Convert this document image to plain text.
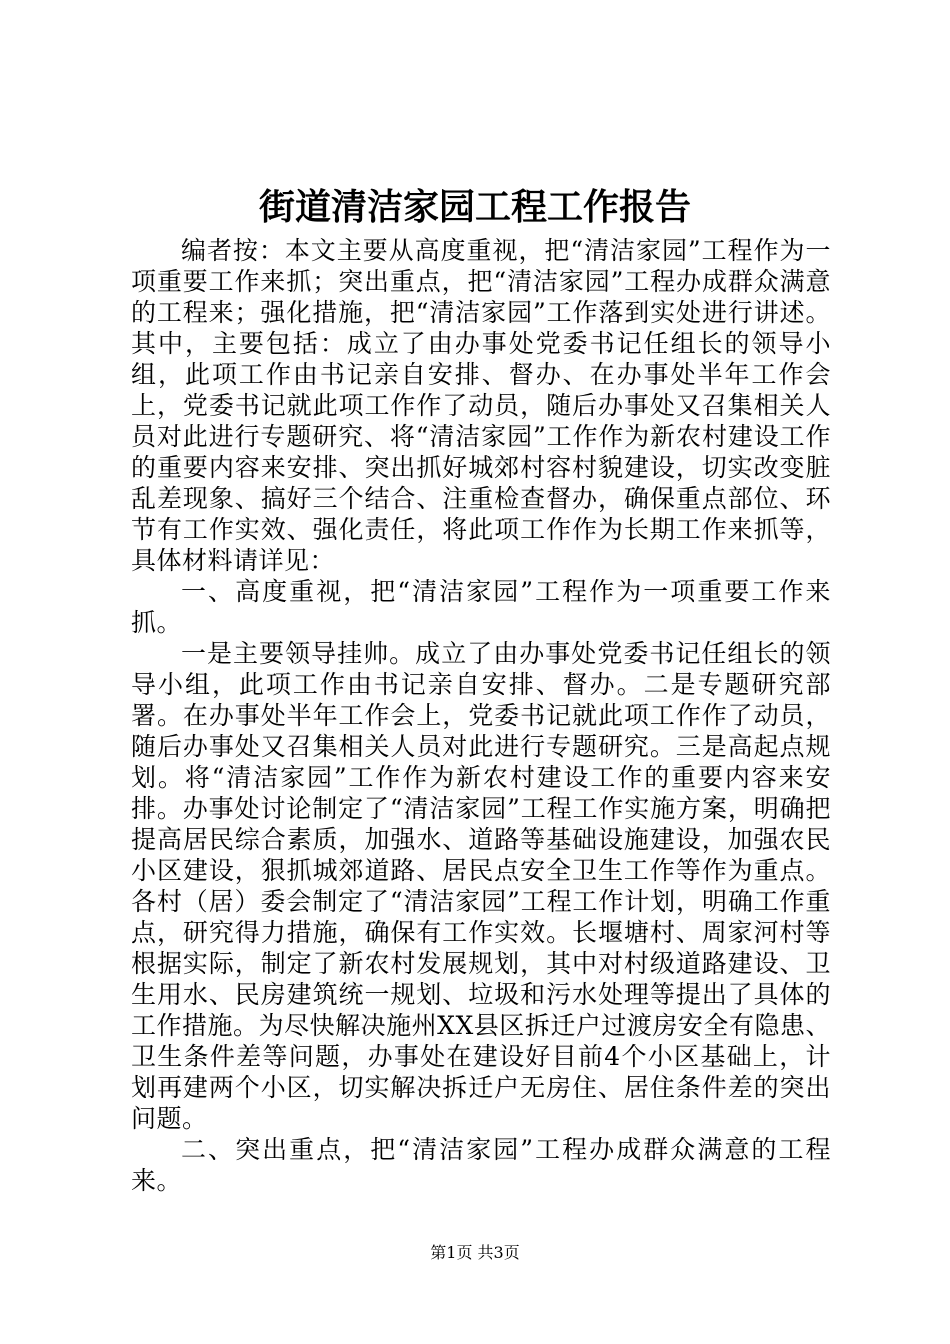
街道清洁家园工程工作报告

编者按：本文主要从高度重视，把“清洁家园”工程作为一项重要工作来抓；突出重点，把“清洁家园”工程办成群众满意的工程来；强化措施，把“清洁家园”工作落到实处进行讲述。其中，主要包括：成立了由办事处党委书记任组长的领导小组，此项工作由书记亲自安排、督办、在办事处半年工作会上，党委书记就此项工作作了动员，随后办事处又召集相关人员对此进行专题研究、将“清洁家园”工作作为新农村建设工作的重要内容来安排、突出抓好城郊村容村貌建设，切实改变脏乱差现象、搞好三个结合、注重检查督办，确保重点部位、环节有工作实效、强化责任，将此项工作作为长期工作来抓等，具体材料请详见：

一、高度重视，把“清洁家园”工程作为一项重要工作来抓。

一是主要领导挂帅。成立了由办事处党委书记任组长的领导小组，此项工作由书记亲自安排、督办。二是专题研究部署。在办事处半年工作会上，党委书记就此项工作作了动员，随后办事处又召集相关人员对此进行专题研究。三是高起点规划。将“清洁家园”工作作为新农村建设工作的重要内容来安排。办事处讨论制定了“清洁家园”工程工作实施方案，明确把提高居民综合素质，加强水、道路等基础设施建设，加强农民小区建设，狠抓城郊道路、居民点安全卫生工作等作为重点。各村（居）委会制定了“清洁家园”工程工作计划，明确工作重点，研究得力措施，确保有工作实效。长堰塘村、周家河村等根据实际，制定了新农村发展规划，其中对村级道路建设、卫生用水、民房建筑统一规划、垃圾和污水处理等提出了具体的工作措施。为尽快解决施州XX县区拆迁户过渡房安全有隐患、卫生条件差等问题，办事处在建设好目前4个小区基础上，计划再建两个小区，切实解决拆迁户无房住、居住条件差的突出问题。

二、突出重点，把“清洁家园”工程办成群众满意的工程来。

第1页 共3页
